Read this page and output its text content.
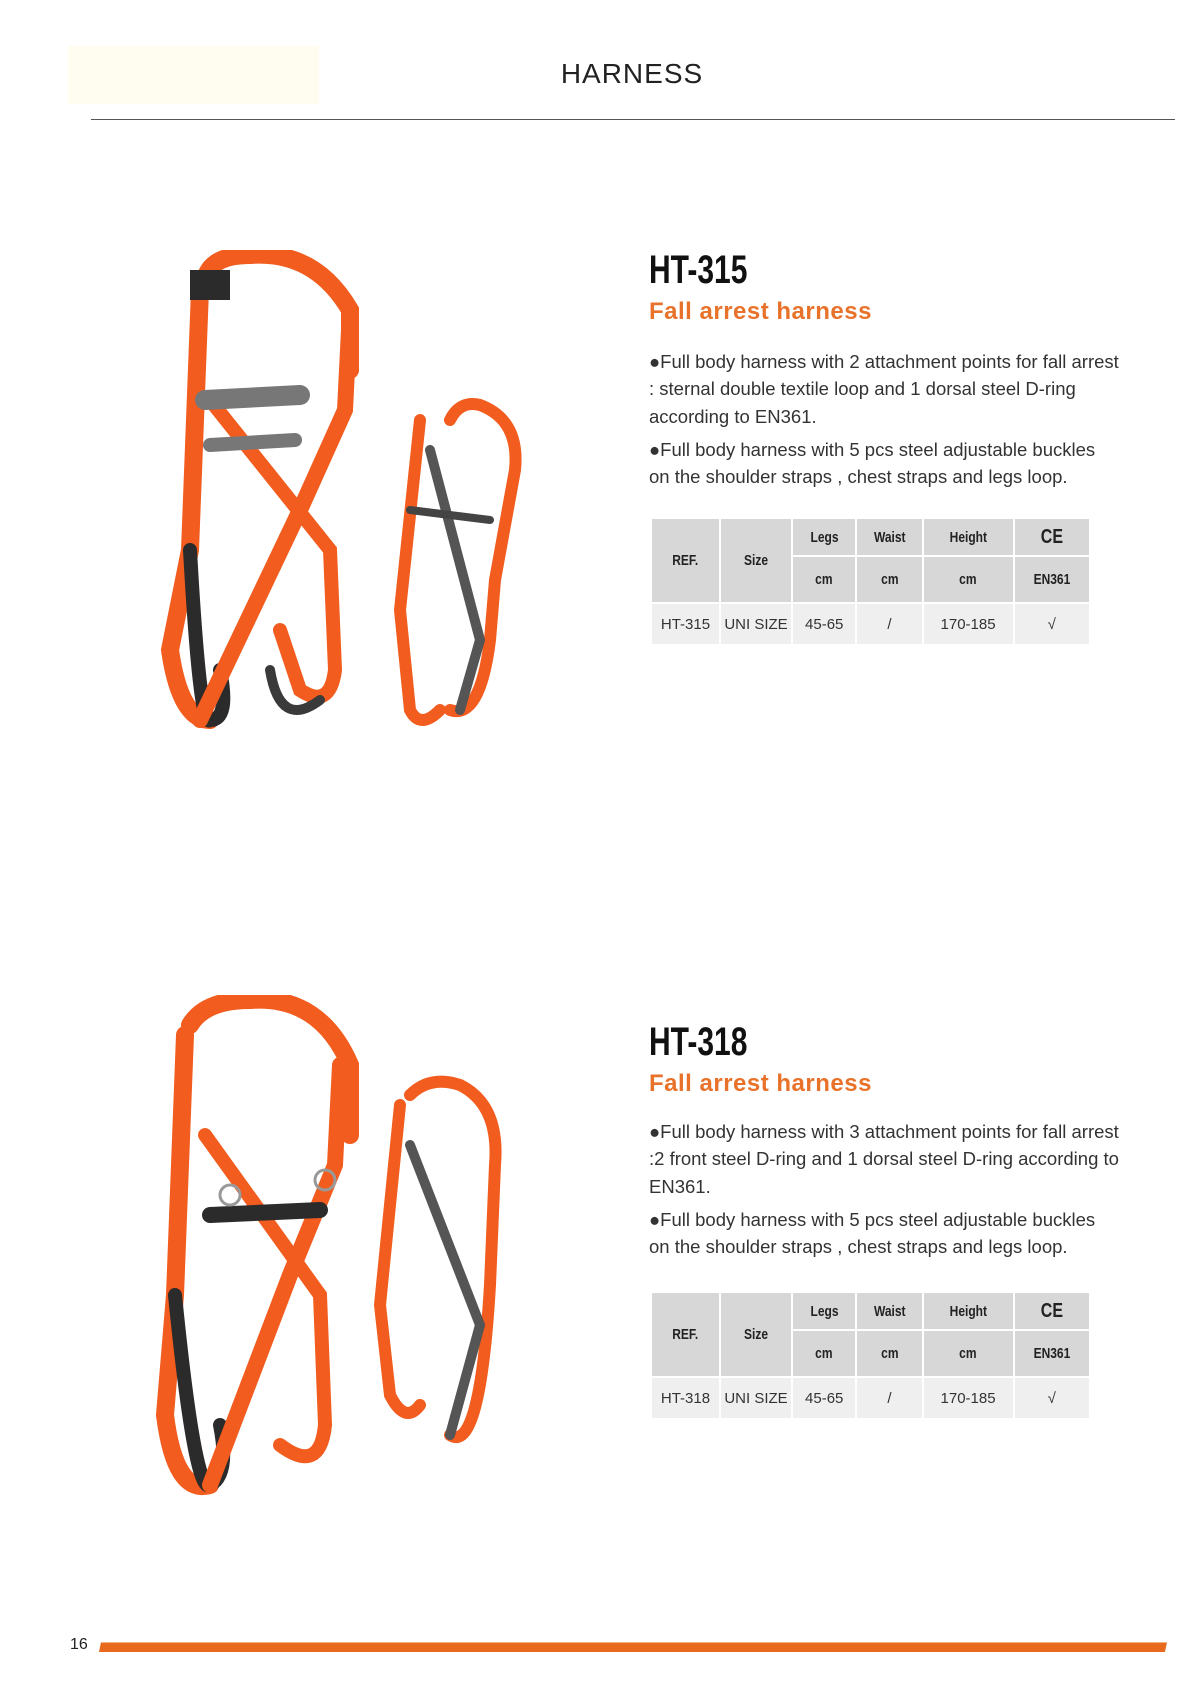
HARNESS
HT-315
Fall arrest harness

●Full body harness with 2 attachment points for fall arrest : sternal double textile loop and 1 dorsal steel D-ring according to EN361.

●Full body harness with 5 pcs steel adjustable buckles on the shoulder straps , chest straps and legs loop.

REF.	Size	Legs	Waist	Height	CE
		cm	cm	cm	EN361
HT-315	UNI SIZE	45-65	/	170-185	√
HT-318
Fall arrest harness

●Full body harness with 3 attachment points for fall arrest :2 front steel D-ring and 1 dorsal steel D-ring according to EN361.

●Full body harness with 5 pcs steel adjustable buckles on the shoulder straps , chest straps and legs loop.

REF.	Size	Legs	Waist	Height	CE
		cm	cm	cm	EN361
HT-318	UNI SIZE	45-65	/	170-185	√
16
